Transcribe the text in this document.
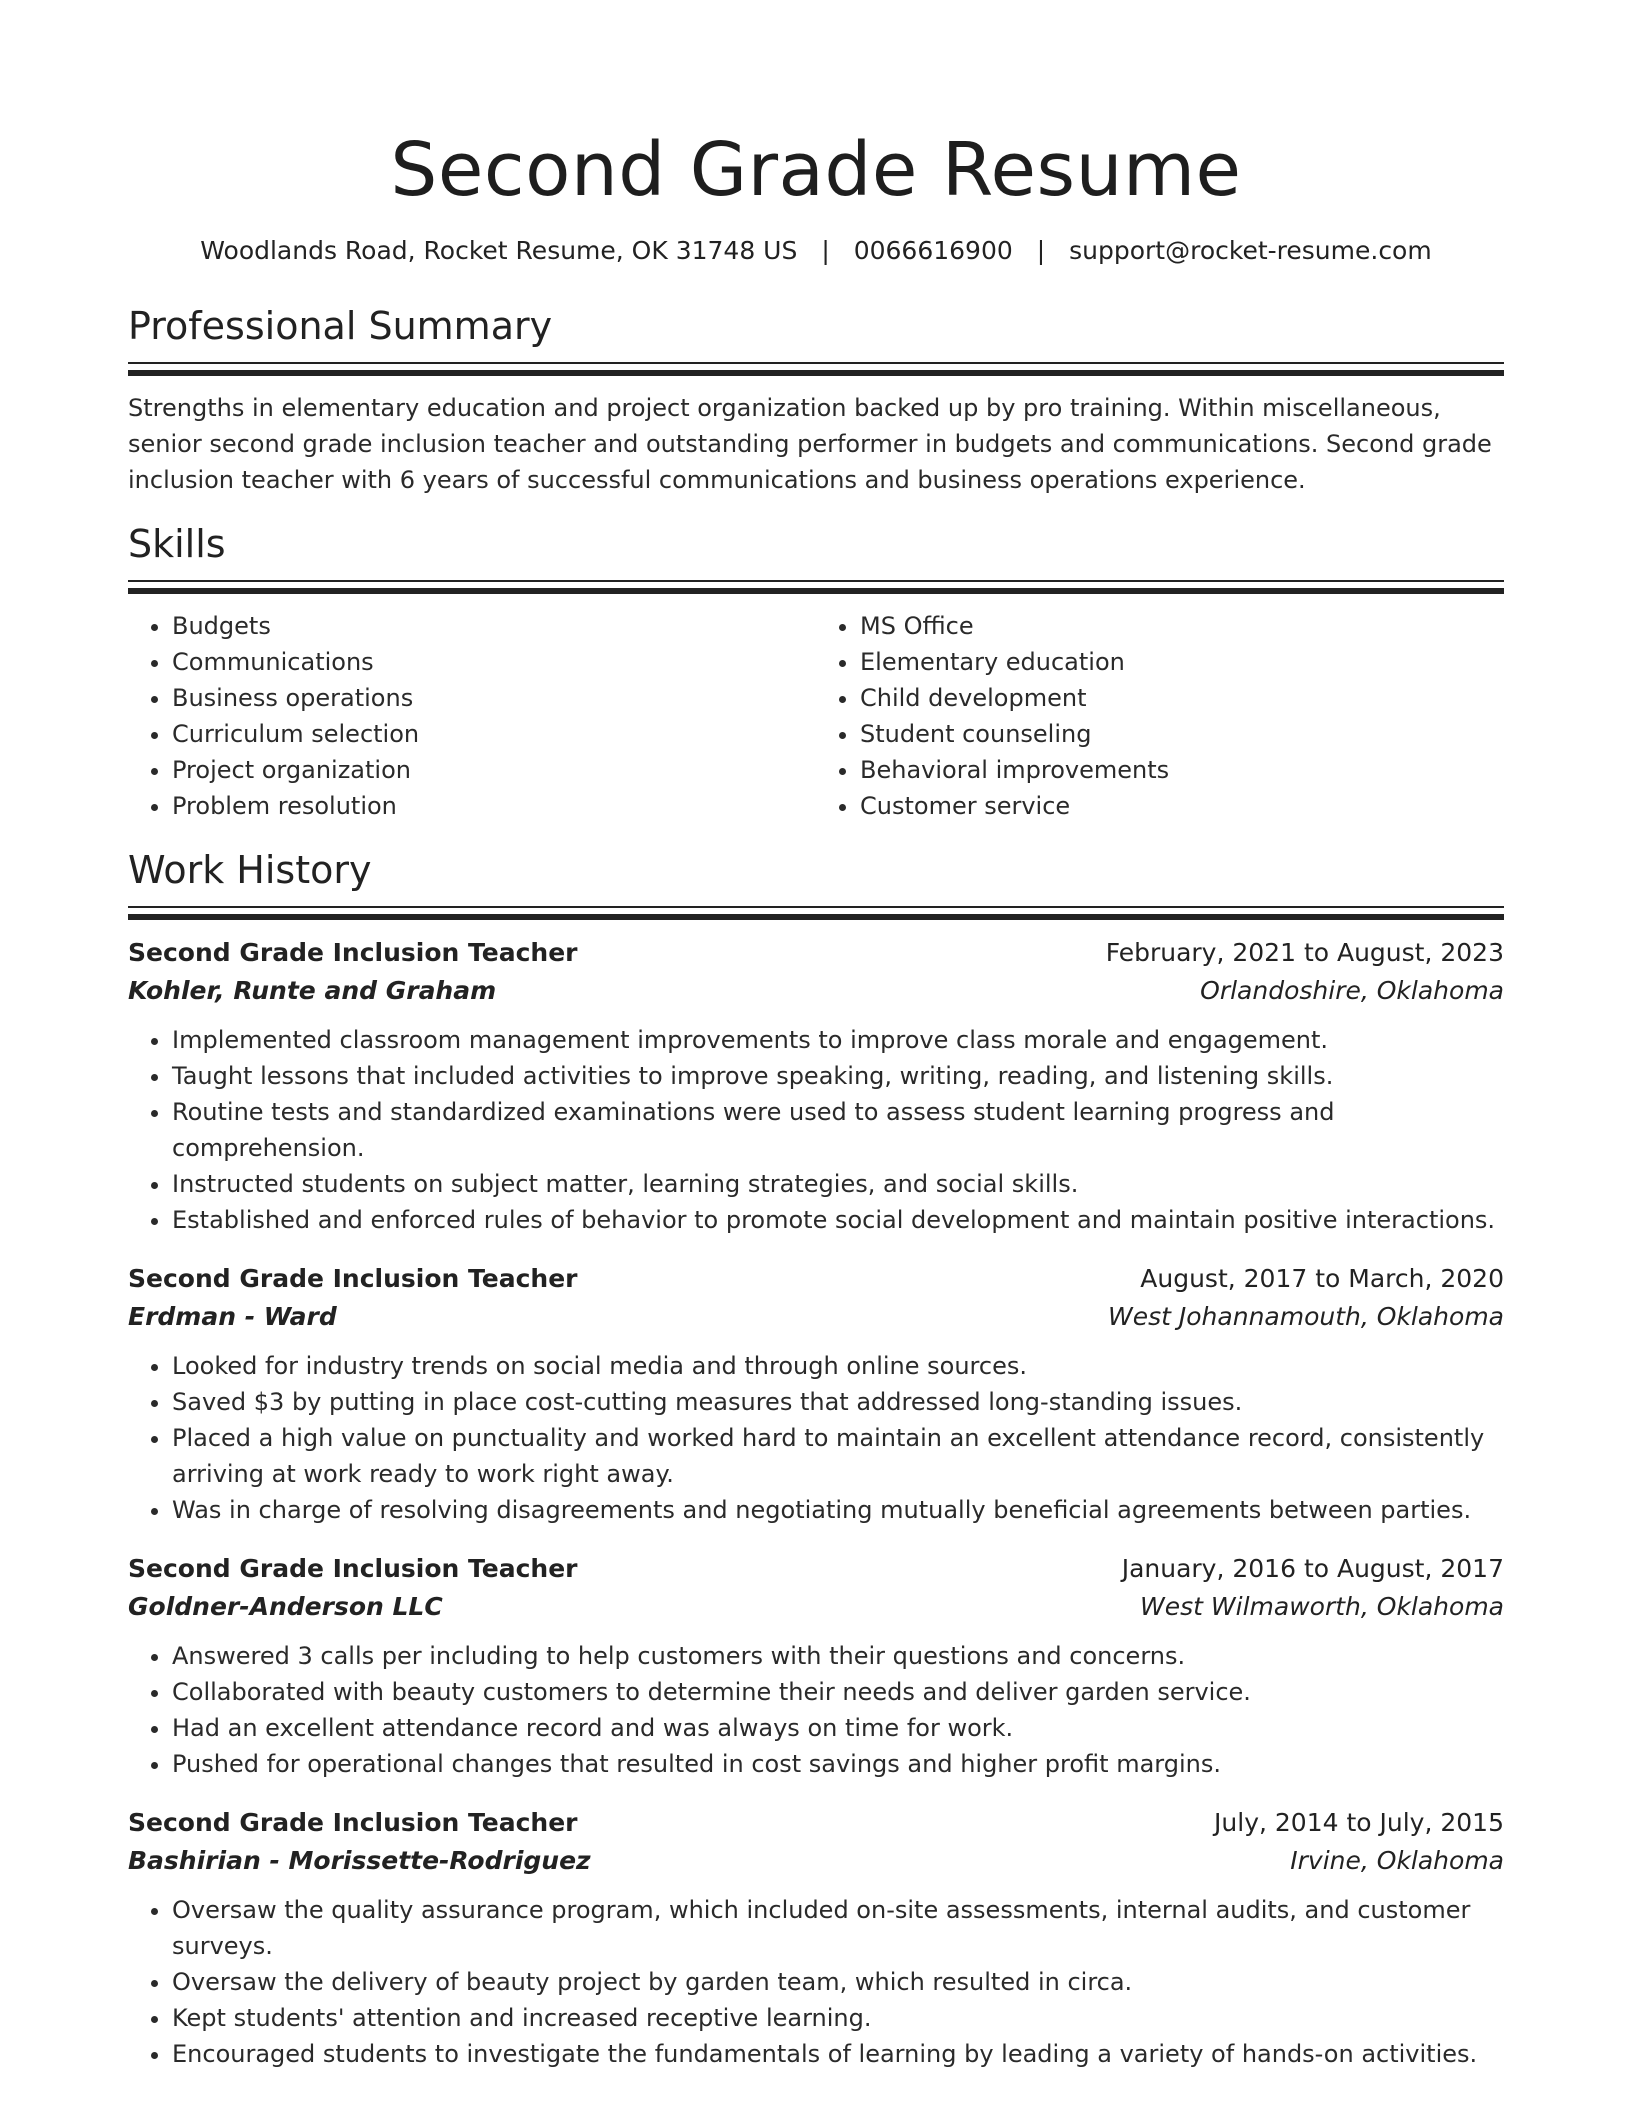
Second Grade Resume
Woodlands Road, Rocket Resume, OK 31748 US | 0066616900 | support@rocket-resume.com
Professional Summary

Strengths in elementary education and project organization backed up by pro training. Within miscellaneous, senior second grade inclusion teacher and outstanding performer in budgets and communications. Second grade inclusion teacher with 6 years of successful communications and business operations experience.

Skills
• Budgets
• Communications
• Business operations
• Curriculum selection
• Project organization
• Problem resolution
• MS Office
• Elementary education
• Child development
• Student counseling
• Behavioral improvements
• Customer service
Work History
Second Grade Inclusion Teacher	February, 2021 to August, 2023
Kohler, Runte and Graham	Orlandoshire, Oklahoma
• Implemented classroom management improvements to improve class morale and engagement.
• Taught lessons that included activities to improve speaking, writing, reading, and listening skills.
• Routine tests and standardized examinations were used to assess student learning progress and comprehension.
• Instructed students on subject matter, learning strategies, and social skills.
• Established and enforced rules of behavior to promote social development and maintain positive interactions.
Second Grade Inclusion Teacher	August, 2017 to March, 2020
Erdman - Ward	West Johannamouth, Oklahoma
• Looked for industry trends on social media and through online sources.
• Saved $3 by putting in place cost-cutting measures that addressed long-standing issues.
• Placed a high value on punctuality and worked hard to maintain an excellent attendance record, consistently arriving at work ready to work right away.
• Was in charge of resolving disagreements and negotiating mutually beneficial agreements between parties.
Second Grade Inclusion Teacher	January, 2016 to August, 2017
Goldner-Anderson LLC	West Wilmaworth, Oklahoma
• Answered 3 calls per including to help customers with their questions and concerns.
• Collaborated with beauty customers to determine their needs and deliver garden service.
• Had an excellent attendance record and was always on time for work.
• Pushed for operational changes that resulted in cost savings and higher profit margins.
Second Grade Inclusion Teacher	July, 2014 to July, 2015
Bashirian - Morissette-Rodriguez	Irvine, Oklahoma
• Oversaw the quality assurance program, which included on-site assessments, internal audits, and customer surveys.
• Oversaw the delivery of beauty project by garden team, which resulted in circa.
• Kept students' attention and increased receptive learning.
• Encouraged students to investigate the fundamentals of learning by leading a variety of hands-on activities.
